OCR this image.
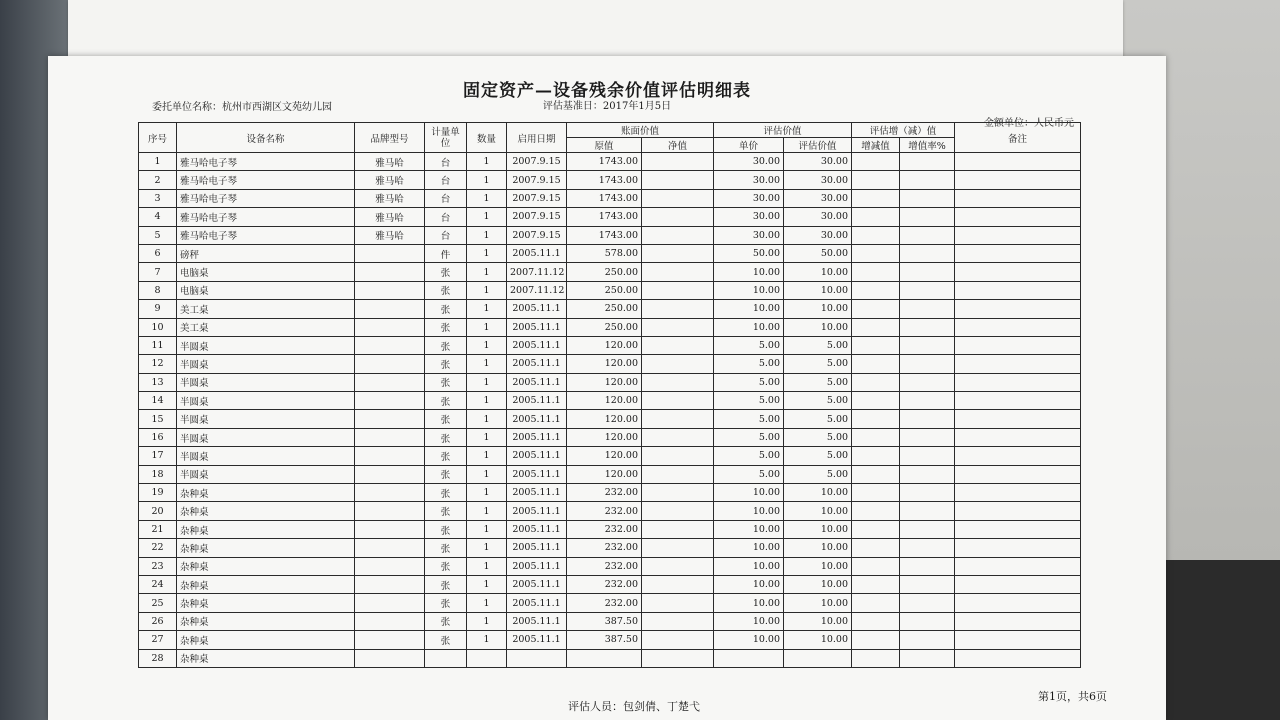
固定资产—设备残余价值评估明细表
评估基准日：2017年1月5日
委托单位名称：杭州市西湖区文苑幼儿园
金额单位：人民币元
序号	设备名称	品牌型号	计量单位	数量	启用日期	账面价值		评估价值		评估增（减）值		备注
						原值	净值	单价	评估价值	增减值	增值率%	
1	雅马哈电子琴	雅马哈	台	1	2007.9.15	1743.00		30.00	30.00			
2	雅马哈电子琴	雅马哈	台	1	2007.9.15	1743.00		30.00	30.00			
3	雅马哈电子琴	雅马哈	台	1	2007.9.15	1743.00		30.00	30.00			
4	雅马哈电子琴	雅马哈	台	1	2007.9.15	1743.00		30.00	30.00			
5	雅马哈电子琴	雅马哈	台	1	2007.9.15	1743.00		30.00	30.00			
6	磅秤		件	1	2005.11.1	578.00		50.00	50.00			
7	电脑桌		张	1	2007.11.12	250.00		10.00	10.00			
8	电脑桌		张	1	2007.11.12	250.00		10.00	10.00			
9	美工桌		张	1	2005.11.1	250.00		10.00	10.00			
10	美工桌		张	1	2005.11.1	250.00		10.00	10.00			
11	半圆桌		张	1	2005.11.1	120.00		5.00	5.00			
12	半圆桌		张	1	2005.11.1	120.00		5.00	5.00			
13	半圆桌		张	1	2005.11.1	120.00		5.00	5.00			
14	半圆桌		张	1	2005.11.1	120.00		5.00	5.00			
15	半圆桌		张	1	2005.11.1	120.00		5.00	5.00			
16	半圆桌		张	1	2005.11.1	120.00		5.00	5.00			
17	半圆桌		张	1	2005.11.1	120.00		5.00	5.00			
18	半圆桌		张	1	2005.11.1	120.00		5.00	5.00			
19	杂种桌		张	1	2005.11.1	232.00		10.00	10.00			
20	杂种桌		张	1	2005.11.1	232.00		10.00	10.00			
21	杂种桌		张	1	2005.11.1	232.00		10.00	10.00			
22	杂种桌		张	1	2005.11.1	232.00		10.00	10.00			
23	杂种桌		张	1	2005.11.1	232.00		10.00	10.00			
24	杂种桌		张	1	2005.11.1	232.00		10.00	10.00			
25	杂种桌		张	1	2005.11.1	232.00		10.00	10.00			
26	杂种桌		张	1	2005.11.1	387.50		10.00	10.00			
27	杂种桌		张	1	2005.11.1	387.50		10.00	10.00			
28	杂种桌											
第1页，共6页
评估人员：包剑倩、丁楚弋
